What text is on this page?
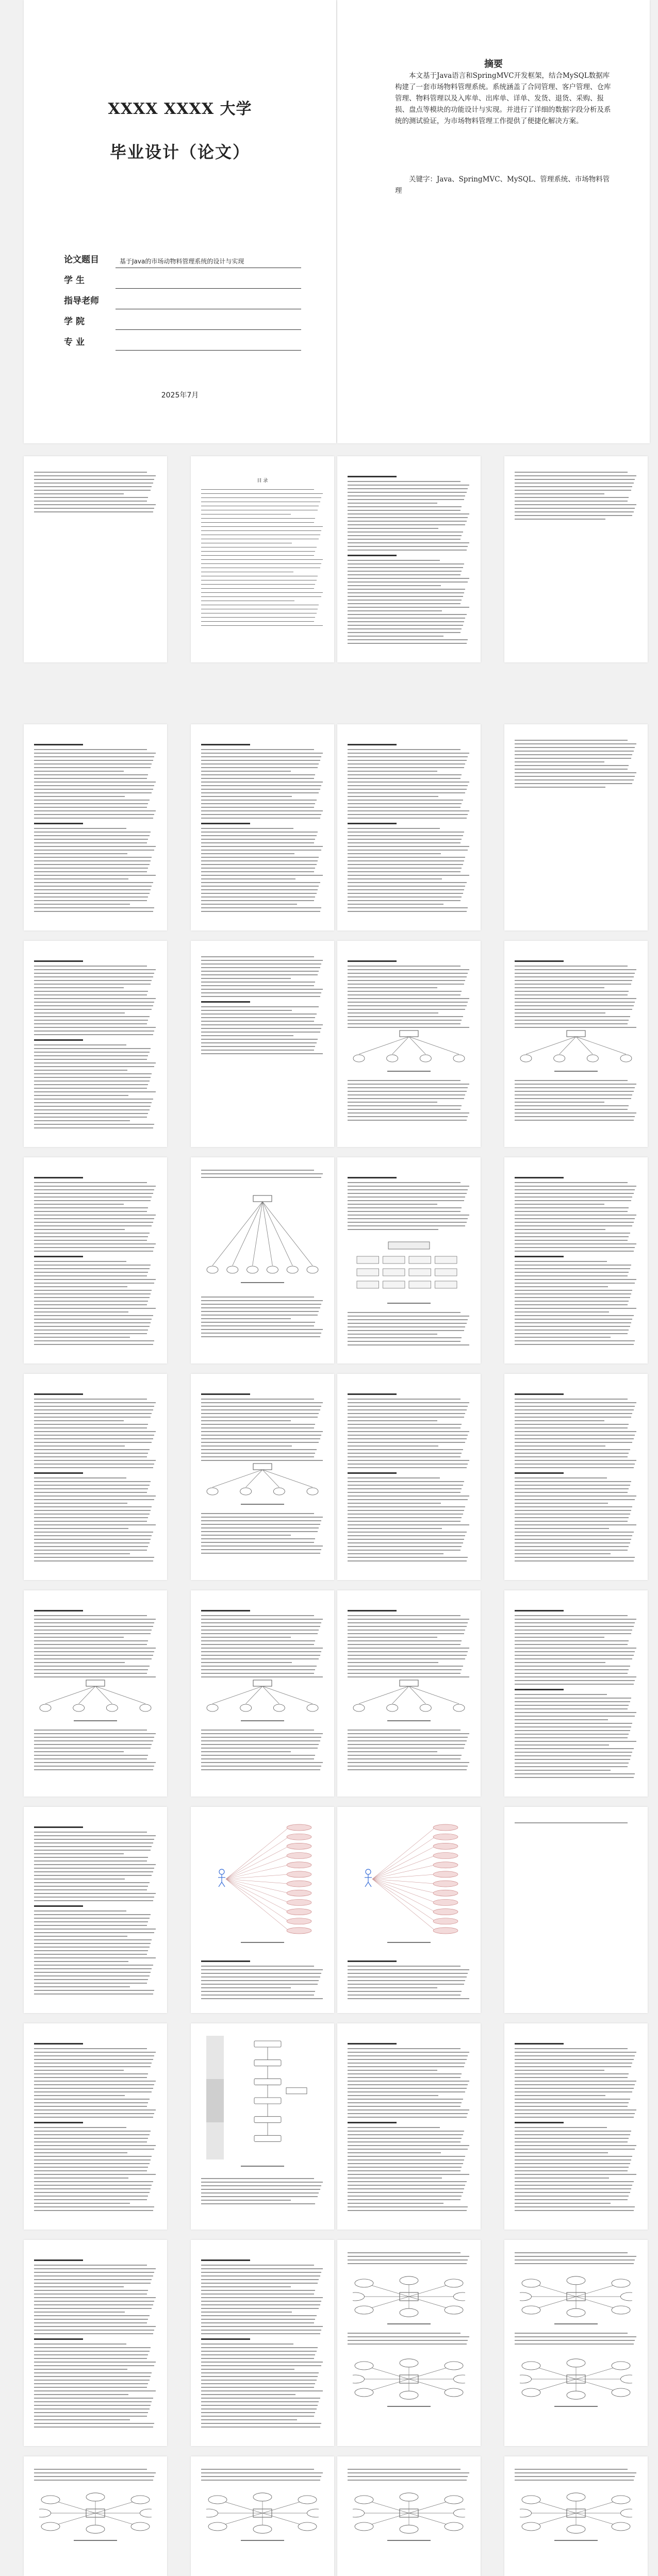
XXXX XXXX 大学
毕业设计（论文）
论文题目	基于Java的市场动物料管理系统的设计与实现
学生
指导老师
学院
专业
2025年7月
摘要
本文基于Java语言和SpringMVC开发框架，结合MySQL数据库构建了一套市场物料管理系统。系统涵盖了合同管理、客户管理、仓库管理、物料管理以及入库单、出库单、详单、发货、退货、采购、报损、盘点等模块的功能设计与实现。并进行了详细的数据字段分析及系统的测试验证，为市场物料管理工作提供了便捷化解决方案。
关键字：Java、SpringMVC、MySQL、管理系统、市场物料管理
目 录
